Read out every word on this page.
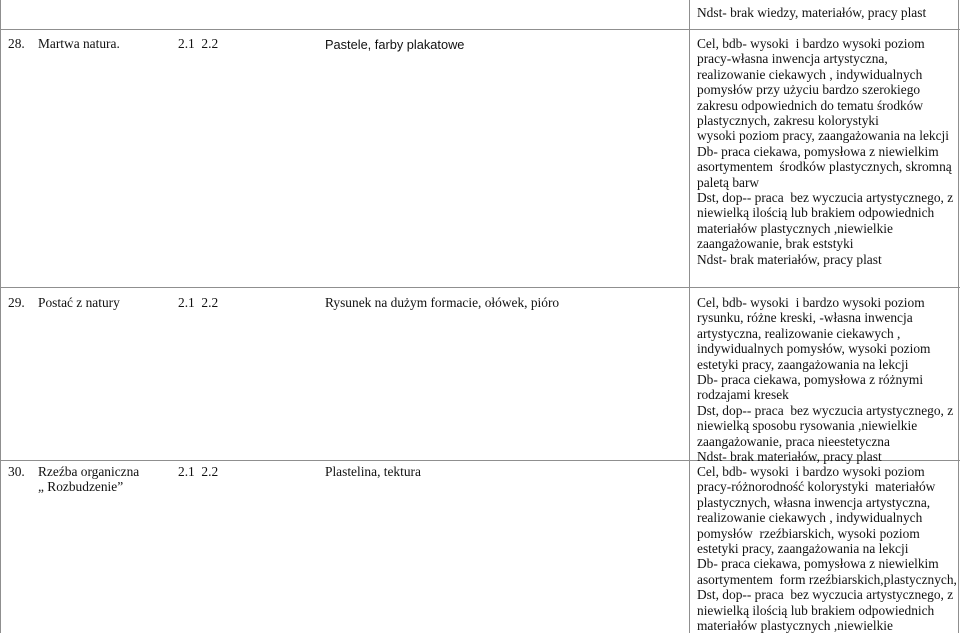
Ndst- brak wiedzy, materiałów, pracy plast
28. Martwa natura.	2.1  2.2	Pastele, farby plakatowe	Cel, bdb- wysoki  i bardzo wysoki poziom
pracy-własna inwencja artystyczna,
realizowanie ciekawych , indywidualnych
pomysłów przy użyciu bardzo szerokiego
zakresu odpowiednich do tematu środków
plastycznych, zakresu kolorystyki
wysoki poziom pracy, zaangażowania na lekcji
Db- praca ciekawa, pomysłowa z niewielkim
asortymentem  środków plastycznych, skromną
paletą barw
Dst, dop-- praca  bez wyczucia artystycznego, z
niewielką ilością lub brakiem odpowiednich
materiałów plastycznych ,niewielkie
zaangażowanie, brak eststyki
Ndst- brak materiałów, pracy plast
29. Postać z natury	2.1  2.2	Rysunek na dużym formacie, ołówek, pióro	Cel, bdb- wysoki  i bardzo wysoki poziom
rysunku, różne kreski, -własna inwencja
artystyczna, realizowanie ciekawych ,
indywidualnych pomysłów, wysoki poziom
estetyki pracy, zaangażowania na lekcji
Db- praca ciekawa, pomysłowa z różnymi
rodzajami kresek
Dst, dop-- praca  bez wyczucia artystycznego, z
niewielką sposobu rysowania ,niewielkie
zaangażowanie, praca nieestetyczna
Ndst- brak materiałów, pracy plast
30. Rzeźba organiczna
„ Rozbudzenie”
2.1  2.2	Plastelina, tektura	Cel, bdb- wysoki  i bardzo wysoki poziom
pracy-różnorodność kolorystyki  materiałów
plastycznych, własna inwencja artystyczna,
realizowanie ciekawych , indywidualnych
pomysłów  rzeźbiarskich, wysoki poziom
estetyki pracy, zaangażowania na lekcji
Db- praca ciekawa, pomysłowa z niewielkim
asortymentem  form rzeźbiarskich,plastycznych,
Dst, dop-- praca  bez wyczucia artystycznego, z
niewielką ilością lub brakiem odpowiednich
materiałów plastycznych ,niewielkie
